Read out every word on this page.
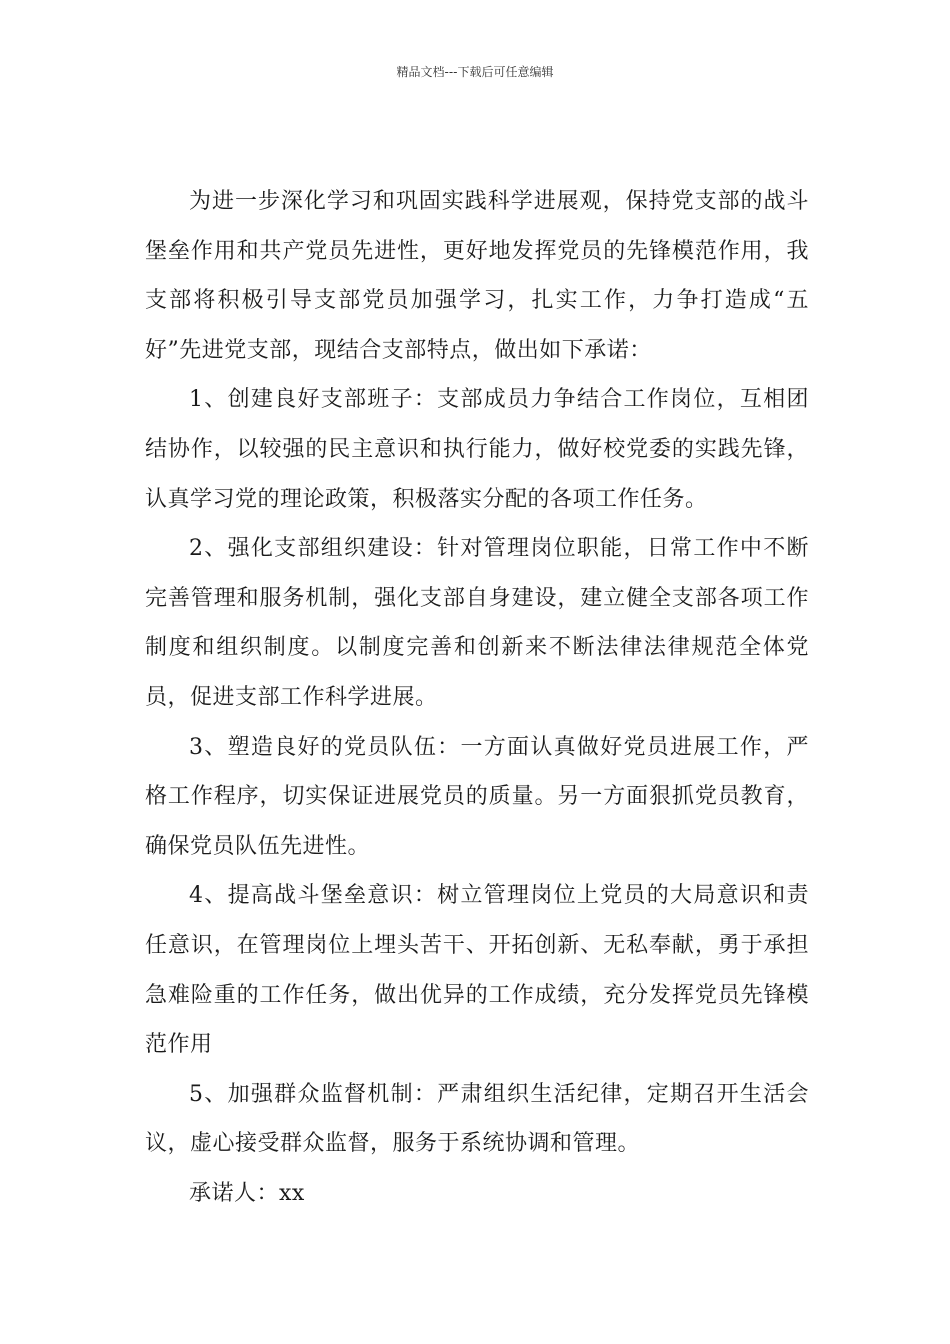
精品文档---下载后可任意编辑

为进一步深化学习和巩固实践科学进展观，保持党支部的战斗堡垒作用和共产党员先进性，更好地发挥党员的先锋模范作用，我支部将积极引导支部党员加强学习，扎实工作，力争打造成“五好”先进党支部，现结合支部特点，做出如下承诺：

1、创建良好支部班子：支部成员力争结合工作岗位，互相团结协作，以较强的民主意识和执行能力，做好校党委的实践先锋，认真学习党的理论政策，积极落实分配的各项工作任务。

2、强化支部组织建设：针对管理岗位职能，日常工作中不断完善管理和服务机制，强化支部自身建设，建立健全支部各项工作制度和组织制度。以制度完善和创新来不断法律法律规范全体党员，促进支部工作科学进展。

3、塑造良好的党员队伍：一方面认真做好党员进展工作，严格工作程序，切实保证进展党员的质量。另一方面狠抓党员教育，确保党员队伍先进性。

4、提高战斗堡垒意识：树立管理岗位上党员的大局意识和责任意识，在管理岗位上埋头苦干、开拓创新、无私奉献，勇于承担急难险重的工作任务，做出优异的工作成绩，充分发挥党员先锋模范作用

5、加强群众监督机制：严肃组织生活纪律，定期召开生活会议，虚心接受群众监督，服务于系统协调和管理。

承诺人：xx
